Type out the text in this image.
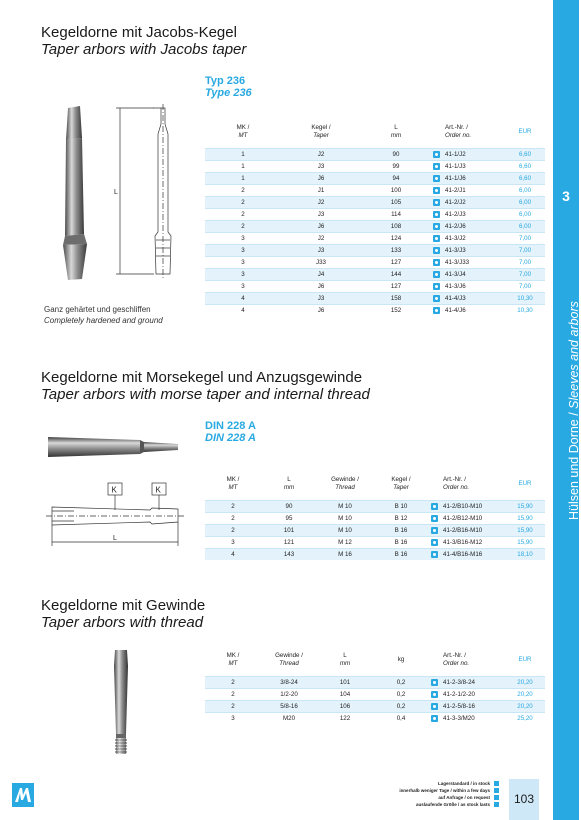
3
Hülsen und Dorne / Sleeves and arbors
Kegeldorne mit Jacobs-Kegel
Taper arbors with Jacobs taper
Typ 236
Type 236
L
Ganz gehärtet und geschliffen
Completely hardened and ground
MK /
MT	Kegel /
Taper	L
mm	Art.-Nr. /
Order no.	EUR

1	J2	90	41-1/J2	6,60
1	J3	99	41-1/J3	6,60
1	J6	94	41-1/J6	6,60
2	J1	100	41-2/J1	6,00
2	J2	105	41-2/J2	6,00
2	J3	114	41-2/J3	6,00
2	J6	108	41-2/J6	6,00
3	J2	124	41-3/J2	7,00
3	J3	133	41-3/J3	7,00
3	J33	127	41-3/J33	7,00
3	J4	144	41-3/J4	7,00
3	J6	127	41-3/J6	7,00
4	J3	158	41-4/J3	10,30
4	J6	152	41-4/J6	10,30
Kegeldorne mit Morsekegel und Anzugsgewinde
Taper arbors with morse taper and internal thread
DIN 228 A
DIN 228 A
K	K
L
MK /
MT	L
mm	Gewinde /
Thread	Kegel /
Taper	Art.-Nr. /
Order no.	EUR

2	90	M 10	B 10	41-2/B10-M10	15,90
2	95	M 10	B 12	41-2/B12-M10	15,90
2	101	M 10	B 16	41-2/B16-M10	15,90
3	121	M 12	B 16	41-3/B16-M12	15,90
4	143	M 16	B 16	41-4/B16-M16	18,10
Kegeldorne mit Gewinde
Taper arbors with thread
MK /
MT	Gewinde /
Thread	L
mm	kg	Art.-Nr. /
Order no.	EUR

2	3/8-24	101	0,2	41-2-3/8-24	20,20
2	1/2-20	104	0,2	41-2-1/2-20	20,20
2	5/8-16	106	0,2	41-2-5/8-16	20,20
3	M20	122	0,4	41-3-3/M20	25,20
Lagerstandard / in stock
innerhalb weniger Tage / within a few days
auf Anfrage / on request
auslaufende Größe / as stock lasts	103
